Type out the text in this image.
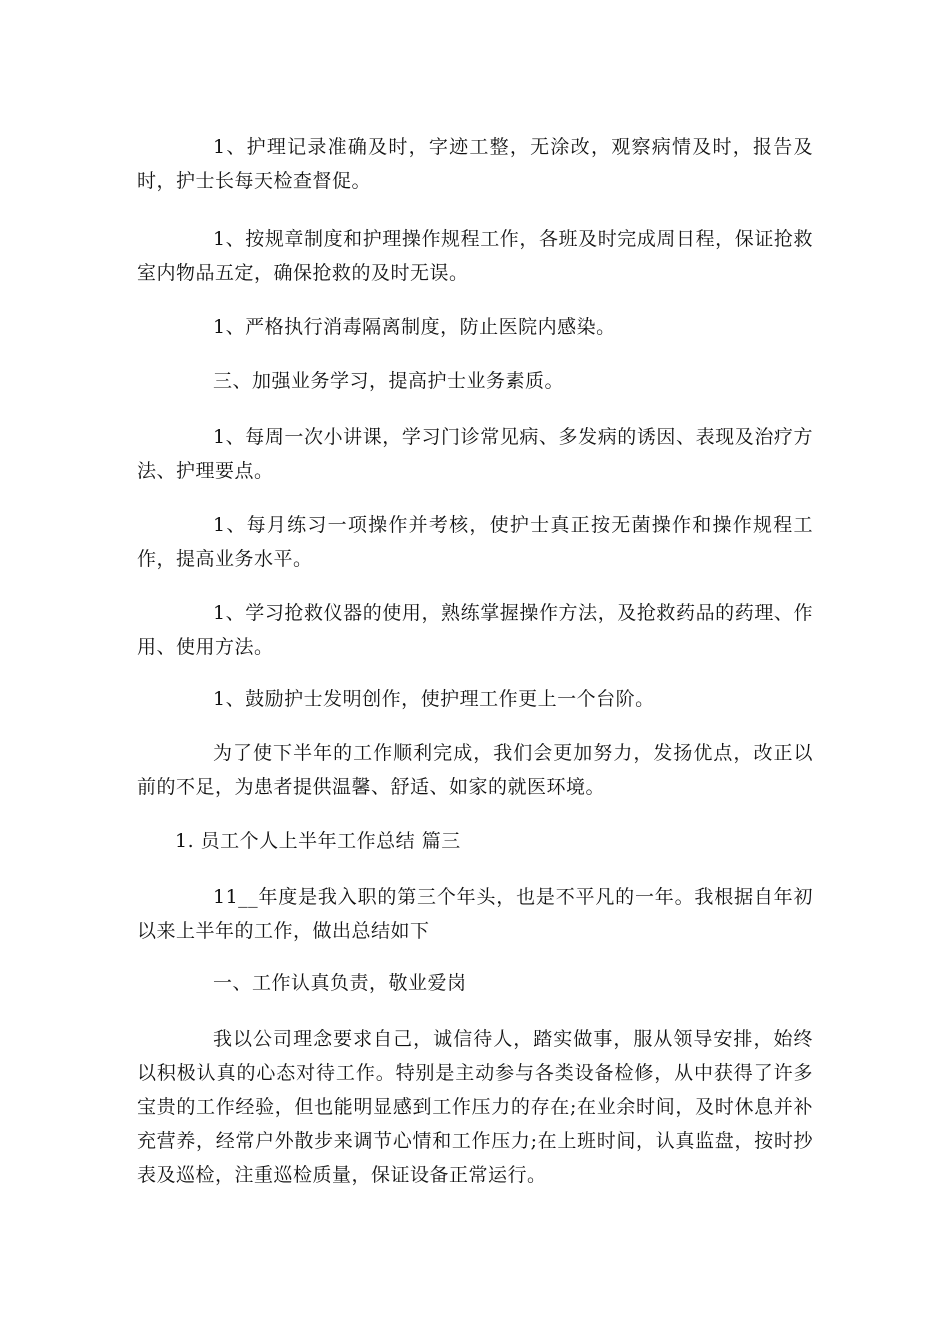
1、护理记录准确及时，字迹工整，无涂改，观察病情及时，报告及时，护士长每天检查督促。

1、按规章制度和护理操作规程工作，各班及时完成周日程，保证抢救室内物品五定，确保抢救的及时无误。

1、严格执行消毒隔离制度，防止医院内感染。

三、加强业务学习，提高护士业务素质。

1、每周一次小讲课，学习门诊常见病、多发病的诱因、表现及治疗方法、护理要点。

1、每月练习一项操作并考核，使护士真正按无菌操作和操作规程工作，提高业务水平。

1、学习抢救仪器的使用，熟练掌握操作方法，及抢救药品的药理、作用、使用方法。

1、鼓励护士发明创作，使护理工作更上一个台阶。

为了使下半年的工作顺利完成，我们会更加努力，发扬优点，改正以前的不足，为患者提供温馨、舒适、如家的就医环境。

1. 员工个人上半年工作总结 篇三

11__年度是我入职的第三个年头，也是不平凡的一年。我根据自年初以来上半年的工作，做出总结如下

一、工作认真负责，敬业爱岗

我以公司理念要求自己，诚信待人，踏实做事，服从领导安排，始终以积极认真的心态对待工作。特别是主动参与各类设备检修，从中获得了许多宝贵的工作经验，但也能明显感到工作压力的存在;在业余时间，及时休息并补充营养，经常户外散步来调节心情和工作压力;在上班时间，认真监盘，按时抄表及巡检，注重巡检质量，保证设备正常运行。
